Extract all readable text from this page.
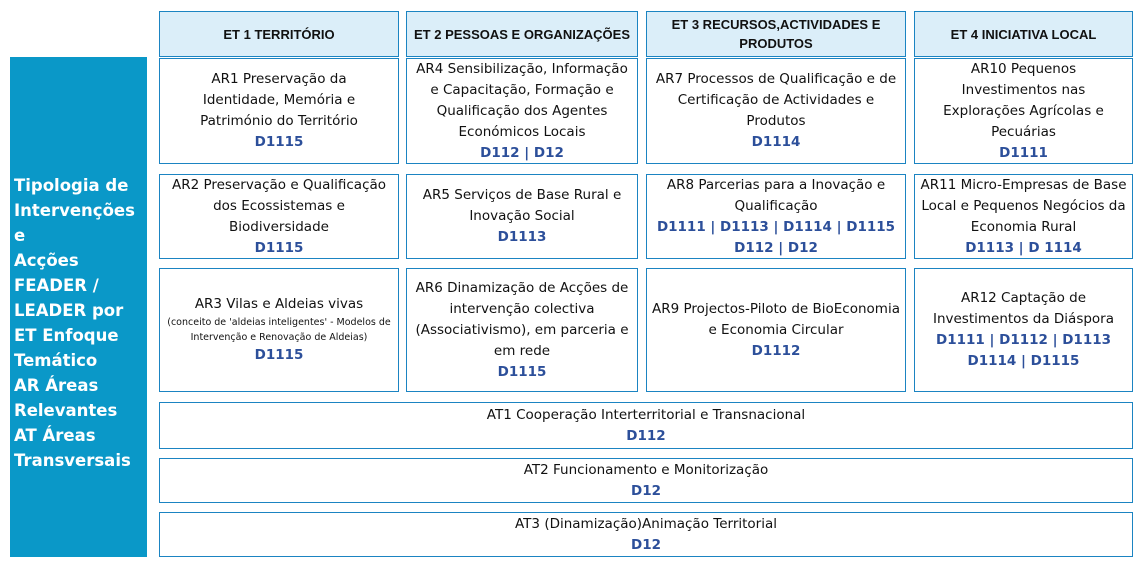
Tipologia de
Intervenções e
Acções
FEADER /
LEADER por
ET Enfoque
Temático
AR Áreas
Relevantes
AT Áreas
Transversais
ET 1 TERRITÓRIO	ET 2 PESSOAS E ORGANIZAÇÕES
ET 3 RECURSOS,ACTIVIDADES E PRODUTOS
ET 4 INICIATIVA LOCAL
AR1 Preservação da Identidade, Memória e Património do Território
D1115
AR4 Sensibilização, Informação e Capacitação, Formação e Qualificação dos Agentes Económicos Locais
D112 | D12
AR7 Processos de Qualificação e de Certificação de Actividades e Produtos
D1114
AR10 Pequenos Investimentos nas Explorações Agrícolas e Pecuárias
D1111
AR2 Preservação e Qualificação dos Ecossistemas e Biodiversidade
D1115
AR5 Serviços de Base Rural e Inovação Social
D1113
AR8 Parcerias para a Inovação e Qualificação
D1111 | D1113 | D1114 | D1115 D112 | D12
AR11 Micro-Empresas de Base Local e Pequenos Negócios da Economia Rural
D1113 | D 1114
AR3 Vilas e Aldeias vivas
(conceito de 'aldeias inteligentes' - Modelos de Intervenção e Renovação de Aldeias)
D1115
AR6 Dinamização de Acções de intervenção colectiva (Associativismo), em parceria e em rede
D1115
AR9 Projectos-Piloto de BioEconomia e Economia Circular
D1112
AR12 Captação de Investimentos da Diáspora
D1111 | D1112 | D1113 D1114 | D1115
AT1 Cooperação Interterritorial e Transnacional
D112
AT2 Funcionamento e Monitorização
D12
AT3 (Dinamização)Animação Territorial
D12
